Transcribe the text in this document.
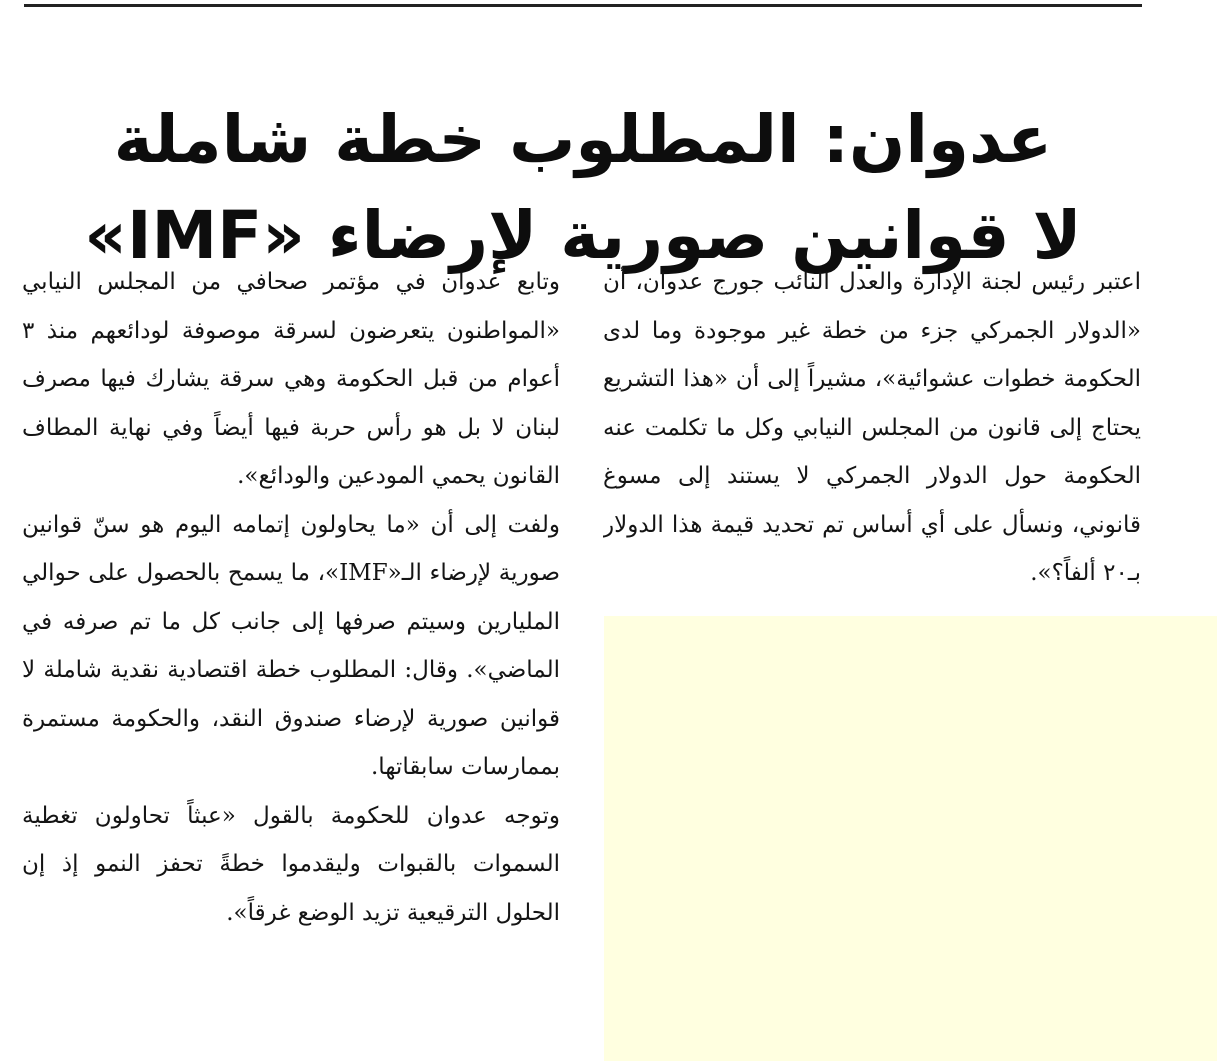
عدوان: المطلوب خطة شاملة
لا قوانين صورية لإرضاء «IMF»

اعتبر رئيس لجنة الإدارة والعدل النائب جورج عدوان، أن «الدولار الجمركي جزء من خطة غير موجودة وما لدى الحكومة خطوات عشوائية»، مشيراً إلى أن «هذا التشريع يحتاج إلى قانون من المجلس النيابي وكل ما تكلمت عنه الحكومة حول الدولار الجمركي لا يستند إلى مسوغ قانوني، ونسأل على أي أساس تم تحديد قيمة هذا الدولار بـ٢٠ ألفاً؟».

وتابع عدوان في مؤتمر صحافي من المجلس النيابي «المواطنون يتعرضون لسرقة موصوفة لودائعهم منذ ٣ أعوام من قبل الحكومة وهي سرقة يشارك فيها مصرف لبنان لا بل هو رأس حربة فيها أيضاً وفي نهاية المطاف القانون يحمي المودعين والودائع».

ولفت إلى أن «ما يحاولون إتمامه اليوم هو سنّ قوانين صورية لإرضاء الـ«IMF»، ما يسمح بالحصول على حوالي المليارين وسيتم صرفها إلى جانب كل ما تم صرفه في الماضي». وقال: المطلوب خطة اقتصادية نقدية شاملة لا قوانين صورية لإرضاء صندوق النقد، والحكومة مستمرة بممارسات سابقاتها.

وتوجه عدوان للحكومة بالقول «عبثاً تحاولون تغطية السموات بالقبوات وليقدموا خطةً تحفز النمو إذ إن الحلول الترقيعية تزيد الوضع غرقاً».
